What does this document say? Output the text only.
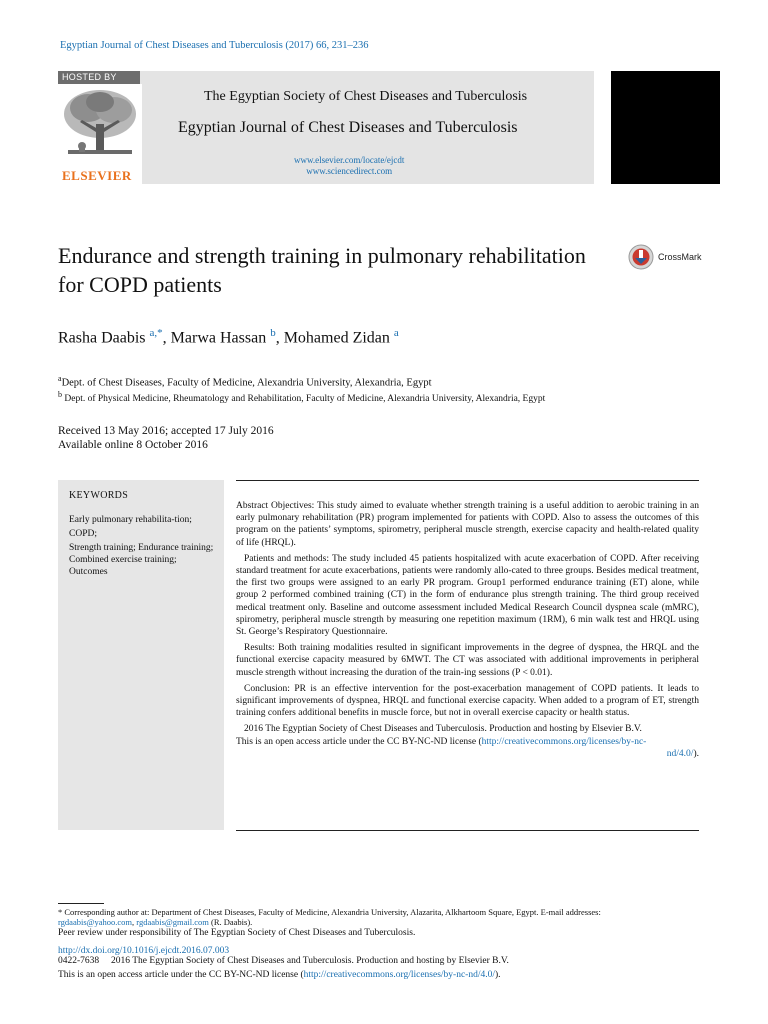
Egyptian Journal of Chest Diseases and Tuberculosis (2017) 66, 231–236
HOSTED BY
ELSEVIER
The Egyptian Society of Chest Diseases and Tuberculosis
Egyptian Journal of Chest Diseases and Tuberculosis
www.elsevier.com/locate/ejcdt
www.sciencedirect.com
Endurance and strength training in pulmonary rehabilitation for COPD patients
CrossMark
Rasha Daabis $^{a,*}$, Marwa Hassan $^b$, Mohamed Zidan $^a$
$^a$Dept. of Chest Diseases, Faculty of Medicine, Alexandria University, Alexandria, Egypt
$^b$ Dept. of Physical Medicine, Rheumatology and Rehabilitation, Faculty of Medicine, Alexandria University, Alexandria, Egypt
Received 13 May 2016; accepted 17 July 2016
Available online 8 October 2016
KEYWORDS
Early pulmonary rehabilita-tion;
COPD;
Strength training; Endurance training; Combined exercise training; Outcomes

Abstract Objectives: This study aimed to evaluate whether strength training is a useful addition to aerobic training in an early pulmonary rehabilitation (PR) program implemented for patients with COPD. Also to assess the outcomes of this program on the patients’ symptoms, spirometry, peripheral muscle strength, exercise capacity and health-related quality of life (HRQL).

Patients and methods: The study included 45 patients hospitalized with acute exacerbation of COPD. After receiving standard treatment for acute exacerbations, patients were randomly allo-cated to three groups. Besides medical treatment, the first two groups were assigned to an early PR program. Group1 performed endurance training (ET) alone, while group 2 performed combined training (CT) in the form of endurance plus strength training. The third group received medical treatment only. Baseline and outcome assessment included Medical Research Council dyspnea scale (mMRC), spirometry, peripheral muscle strength by measuring one repetition maximum (1RM), 6 min walk test and HRQL using St. George’s Respiratory Questionnaire.

Results: Both training modalities resulted in significant improvements in the degree of dyspnea, the HRQL and the functional exercise capacity measured by 6MWT. The CT was associated with additional improvements in peripheral muscle strength without increasing the duration of the train-ing sessions (P < 0.01).

Conclusion: PR is an effective intervention for the post-exacerbation management of COPD patients. It leads to significant improvements of dyspnea, HRQL and functional exercise capacity. When added to a program of ET, strength training confers additional benefits in muscle force, but not in overall exercise capacity or health status.

2016 The Egyptian Society of Chest Diseases and Tuberculosis. Production and hosting by Elsevier B.V.

This is an open access article under the CC BY-NC-ND license (http://creativecommons.org/licenses/by-nc-
nd/4.0/).
* Corresponding author at: Department of Chest Diseases, Faculty of Medicine, Alexandria University, Alazarita, Alkhartoom Square, Egypt. E-mail addresses:
rgdaabis@yahoo.com, rgdaabis@gmail.com (R. Daabis).
Peer review under responsibility of The Egyptian Society of Chest Diseases and Tuberculosis.
http://dx.doi.org/10.1016/j.ejcdt.2016.07.003
0422-7638     2016 The Egyptian Society of Chest Diseases and Tuberculosis. Production and hosting by Elsevier B.V.
This is an open access article under the CC BY-NC-ND license (http://creativecommons.org/licenses/by-nc-nd/4.0/).
